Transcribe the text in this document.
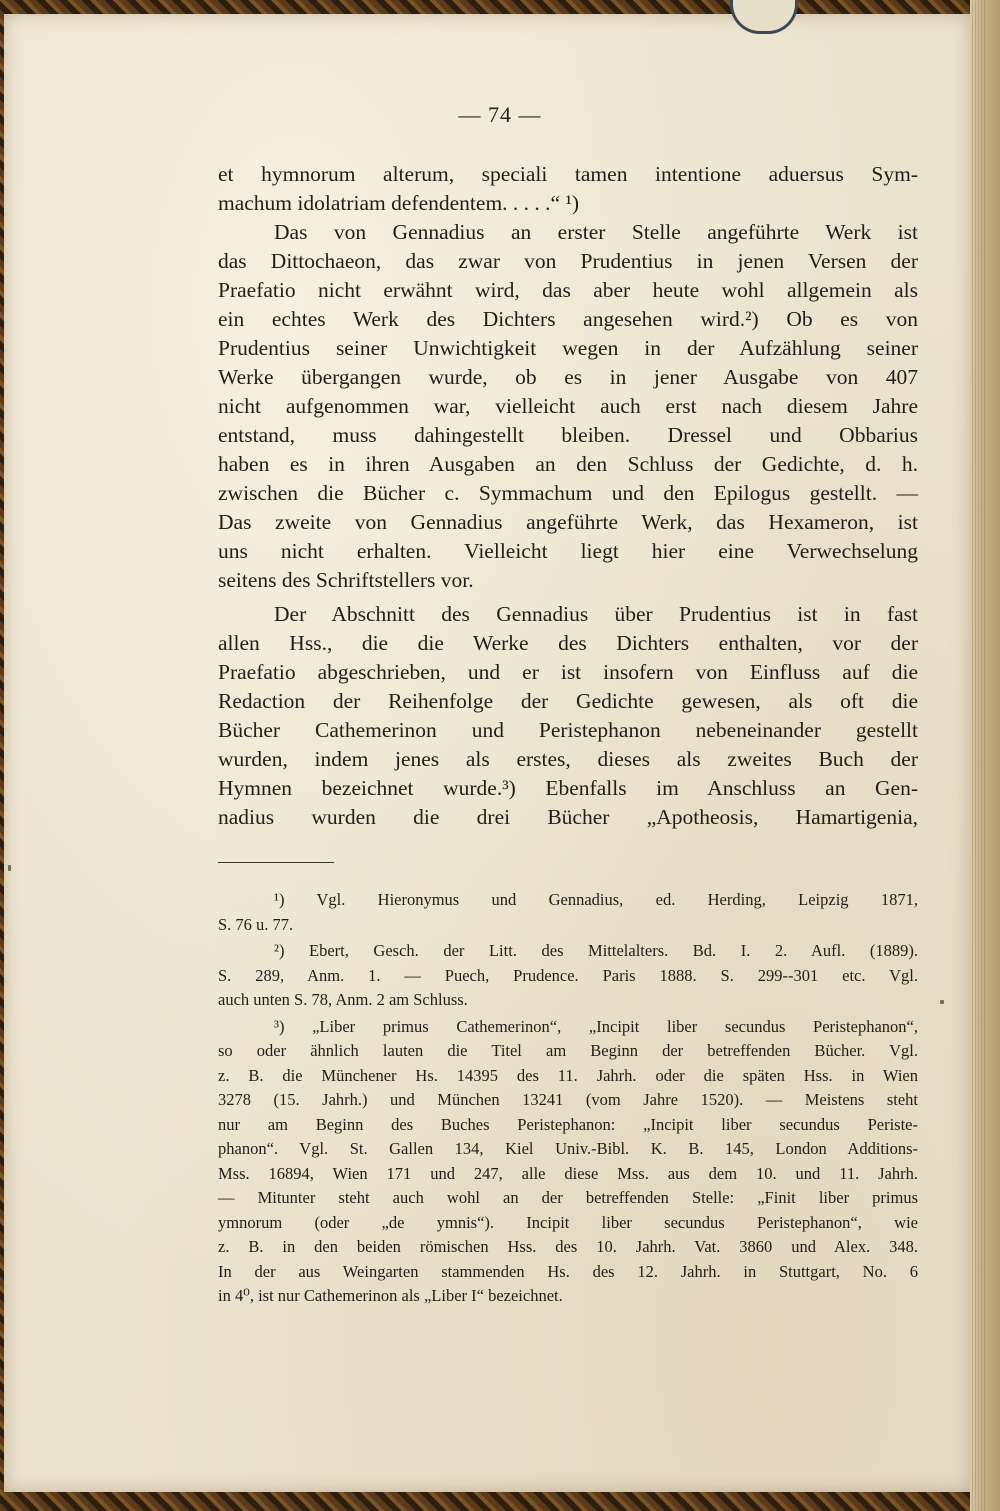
— 74 —
et hymnorum alterum, speciali tamen intentione aduersus Sym-
machum idolatriam defendentem. . . . .“ ¹)
Das von Gennadius an erster Stelle angeführte Werk ist
das Dittochaeon, das zwar von Prudentius in jenen Versen der
Praefatio nicht erwähnt wird, das aber heute wohl allgemein als
ein echtes Werk des Dichters angesehen wird.²) Ob es von
Prudentius seiner Unwichtigkeit wegen in der Aufzählung seiner
Werke übergangen wurde, ob es in jener Ausgabe von 407
nicht aufgenommen war, vielleicht auch erst nach diesem Jahre
entstand, muss dahingestellt bleiben. Dressel und Obbarius
haben es in ihren Ausgaben an den Schluss der Gedichte, d. h.
zwischen die Bücher c. Symmachum und den Epilogus gestellt. —
Das zweite von Gennadius angeführte Werk, das Hexameron, ist
uns nicht erhalten. Vielleicht liegt hier eine Verwechselung
seitens des Schriftstellers vor.
Der Abschnitt des Gennadius über Prudentius ist in fast
allen Hss., die die Werke des Dichters enthalten, vor der
Praefatio abgeschrieben, und er ist insofern von Einfluss auf die
Redaction der Reihenfolge der Gedichte gewesen, als oft die
Bücher Cathemerinon und Peristephanon nebeneinander gestellt
wurden, indem jenes als erstes, dieses als zweites Buch der
Hymnen bezeichnet wurde.³) Ebenfalls im Anschluss an Gen-
nadius wurden die drei Bücher „Apotheosis, Hamartigenia,
¹) Vgl. Hieronymus und Gennadius, ed. Herding, Leipzig 1871,
S. 76 u. 77.
²) Ebert, Gesch. der Litt. des Mittelalters. Bd. I. 2. Aufl. (1889).
S. 289, Anm. 1. — Puech, Prudence. Paris 1888. S. 299--301 etc. Vgl.
auch unten S. 78, Anm. 2 am Schluss.
³) „Liber primus Cathemerinon“, „Incipit liber secundus Peristephanon“,
so oder ähnlich lauten die Titel am Beginn der betreffenden Bücher. Vgl.
z. B. die Münchener Hs. 14395 des 11. Jahrh. oder die späten Hss. in Wien
3278 (15. Jahrh.) und München 13241 (vom Jahre 1520). — Meistens steht
nur am Beginn des Buches Peristephanon: „Incipit liber secundus Periste-
phanon“. Vgl. St. Gallen 134, Kiel Univ.-Bibl. K. B. 145, London Additions-
Mss. 16894, Wien 171 und 247, alle diese Mss. aus dem 10. und 11. Jahrh.
— Mitunter steht auch wohl an der betreffenden Stelle: „Finit liber primus
ymnorum (oder „de ymnis“). Incipit liber secundus Peristephanon“, wie
z. B. in den beiden römischen Hss. des 10. Jahrh. Vat. 3860 und Alex. 348.
In der aus Weingarten stammenden Hs. des 12. Jahrh. in Stuttgart, No. 6
in 4⁰, ist nur Cathemerinon als „Liber I“ bezeichnet.
